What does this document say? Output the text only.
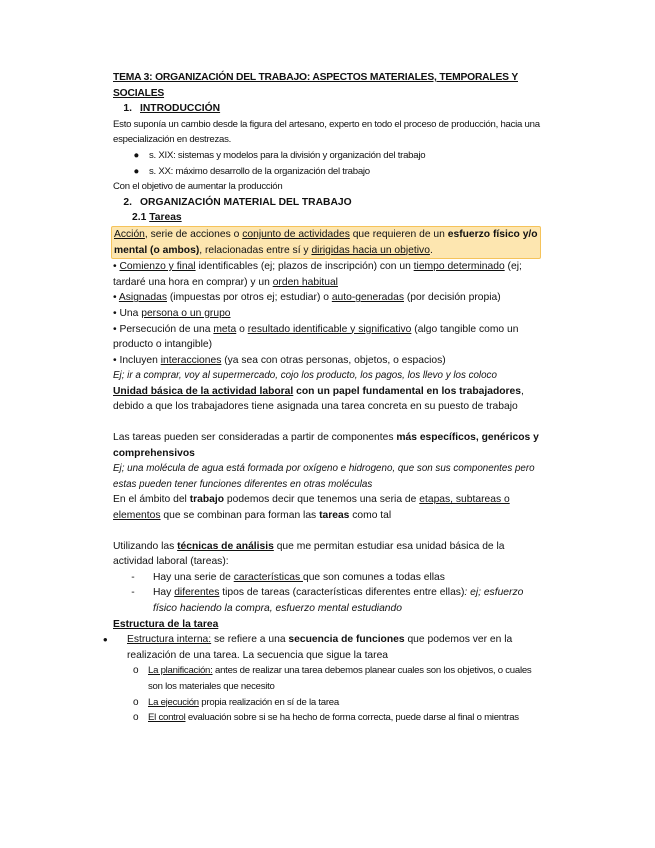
TEMA 3: ORGANIZACIÓN DEL TRABAJO: ASPECTOS MATERIALES, TEMPORALES Y
SOCIALES

1. INTRODUCCIÓN

Esto suponía un cambio desde la figura del artesano, experto en todo el proceso de producción, hacia una especialización en destrezas.

●	s. XIX: sistemas y modelos para la división y organización del trabajo
●	s. XX: máximo desarrollo de la organización del trabajo

Con el objetivo de aumentar la producción

2. ORGANIZACIÓN MATERIAL DEL TRABAJO

2.1 Tareas

Acción, serie de acciones o conjunto de actividades que requieren de un esfuerzo físico y/o mental (o ambos), relacionadas entre sí y dirigidas hacia un objetivo.

• Comienzo y final identificables (ej; plazos de inscripción) con un tiempo determinado (ej; tardaré una hora en comprar) y un orden habitual

• Asignadas (impuestas por otros ej; estudiar) o auto-generadas (por decisión propia)

• Una persona o un grupo

• Persecución de una meta o resultado identificable y significativo (algo tangible como un producto o intangible)

• Incluyen interacciones (ya sea con otras personas, objetos, o espacios)

Ej; ir a comprar, voy al supermercado, cojo los producto, los pagos, los llevo y los coloco

Unidad básica de la actividad laboral con un papel fundamental en los trabajadores, debido a que los trabajadores tiene asignada una tarea concreta en su puesto de trabajo

Las tareas pueden ser consideradas a partir de componentes más específicos, genéricos y comprehensivos

Ej; una molécula de agua está formada por oxígeno e hidrogeno, que son sus componentes pero estas pueden tener funciones diferentes en otras moléculas

En el ámbito del trabajo podemos decir que tenemos una seria de etapas, subtareas o elementos que se combinan para forman las tareas como tal

Utilizando las técnicas de análisis que me permitan estudiar esa unidad básica de la actividad laboral (tareas):

-	Hay una serie de características que son comunes a todas ellas
-	Hay diferentes tipos de tareas (características diferentes entre ellas): ej; esfuerzo físico haciendo la compra, esfuerzo mental estudiando

Estructura de la tarea

•	Estructura interna: se refiere a una secuencia de funciones que podemos ver en la realización de una tarea. La secuencia que sigue la tarea
o	La planificación: antes de realizar una tarea debemos planear cuales son los objetivos, o cuales son los materiales que necesito
o	La ejecución propia realización en sí de la tarea
o	El control evaluación sobre si se ha hecho de forma correcta, puede darse al final o mientras
